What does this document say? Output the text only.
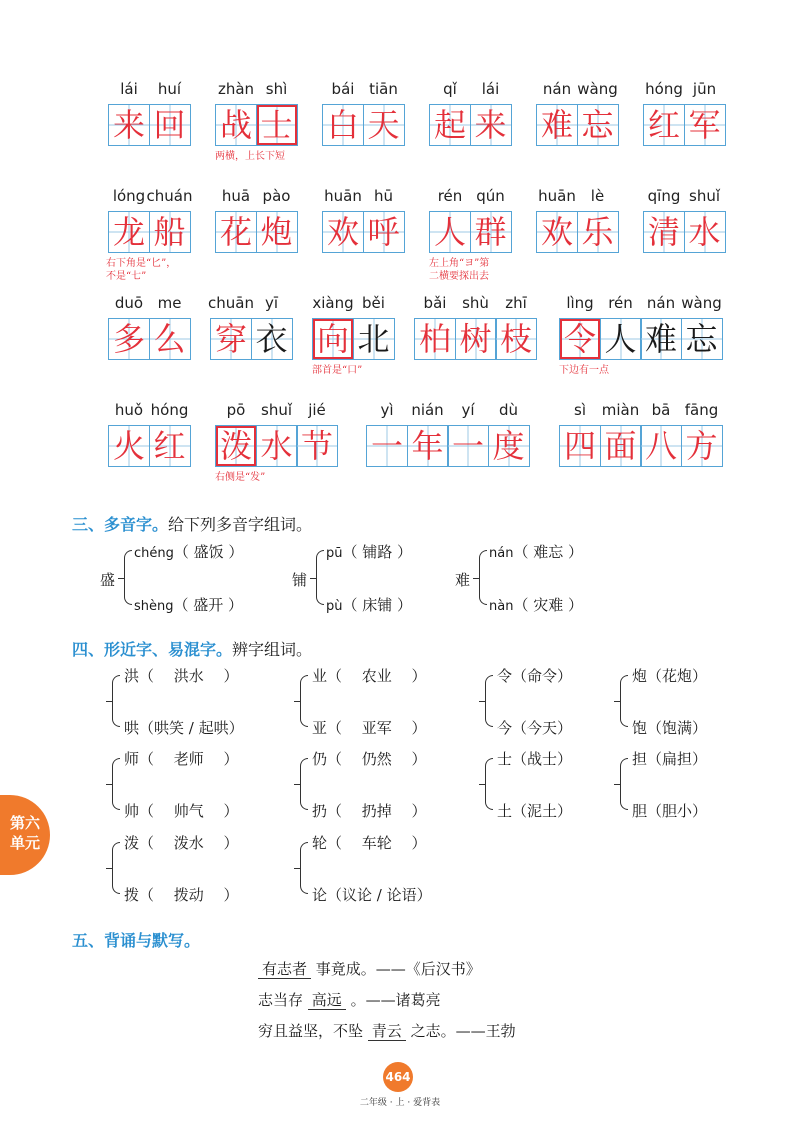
lái huí
来 回
zhàn shì
战 士
两横，上长下短
bái tiān
白 天
qǐ lái
起 来
nán wàng
难 忘
hóng jūn
红 军
lóng chuán
龙 船
右下角是“匕”，
不是“七”
huā pào
花 炮
huān hū
欢 呼
rén qún
人 群
左上角“ヨ”第
二横要探出去
huān lè
欢 乐
qīng shuǐ
清 水
duō me
多 么
chuān yī
穿 衣
xiàng běi
向 北
部首是“口”
bǎi shù zhī
柏 树 枝
lìng rén nán wàng
令 人 难 忘
下边有一点
huǒ hóng
火 红
pō shuǐ jié
泼 水 节
右侧是“发”
yì nián yí dù
一 年 一 度
sì miàn bā fāng
四 面 八 方
三、多音字。给下列多音字组词。
盛
chéng（ 盛饭 ）
shèng（ 盛开 ）
铺
pū（ 铺路 ）
pù（ 床铺 ）
难
nán（ 难忘 ）
nàn（ 灾难 ）
四、形近字、易混字。辨字组词。
洪（　 洪水　 ）
哄（哄笑 / 起哄）
业（　 农业　 ）
亚（　 亚军　 ）
令（命令）
今（今天）
炮（花炮）
饱（饱满）
师（　 老师　 ）
帅（　 帅气　 ）
仍（　 仍然　 ）
扔（　 扔掉　 ）
士（战士）
土（泥土）
担（扁担）
胆（胆小）
泼（　 泼水　 ）
拨（　 拨动　 ）
轮（　 车轮　 ）
论（议论 / 论语）
五、背诵与默写。
有志者 事竟成。——《后汉书》
志当存 高远 。——诸葛亮
穷且益坚，不坠 青云 之志。——王勃
第六
单元
464
二年级 · 上 · 爱背表
